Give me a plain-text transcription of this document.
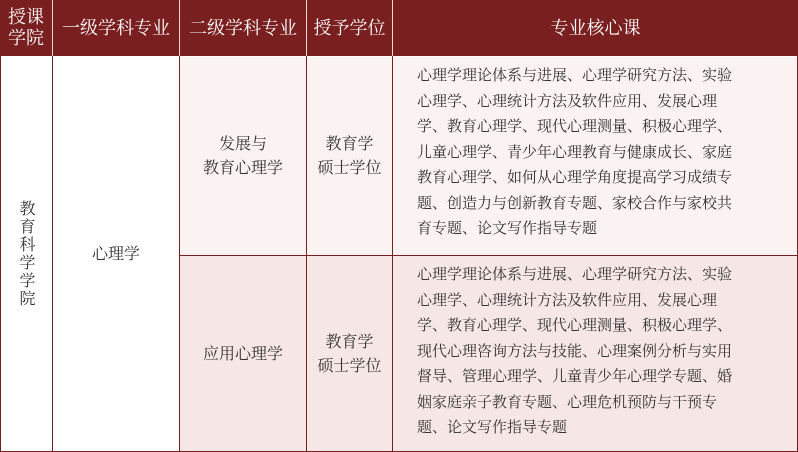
授课
学院 一级学科专业 二级学科专业 授予学位	专业核心课
教育科学学院	心理学
发展与
教育心理学
教育学
硕士学位
心理学理论体系与进展、心理学研究方法、实验
心理学、心理统计方法及软件应用、发展心理
学、教育心理学、现代心理测量、积极心理学、
儿童心理学、青少年心理教育与健康成长、家庭
教育心理学、如何从心理学角度提高学习成绩专
题、创造力与创新教育专题、家校合作与家校共
育专题、论文写作指导专题
应用心理学
教育学
硕士学位
心理学理论体系与进展、心理学研究方法、实验
心理学、心理统计方法及软件应用、发展心理
学、教育心理学、现代心理测量、积极心理学、
现代心理咨询方法与技能、心理案例分析与实用
督导、管理心理学、儿童青少年心理学专题、婚
姻家庭亲子教育专题、心理危机预防与干预专
题、论文写作指导专题
